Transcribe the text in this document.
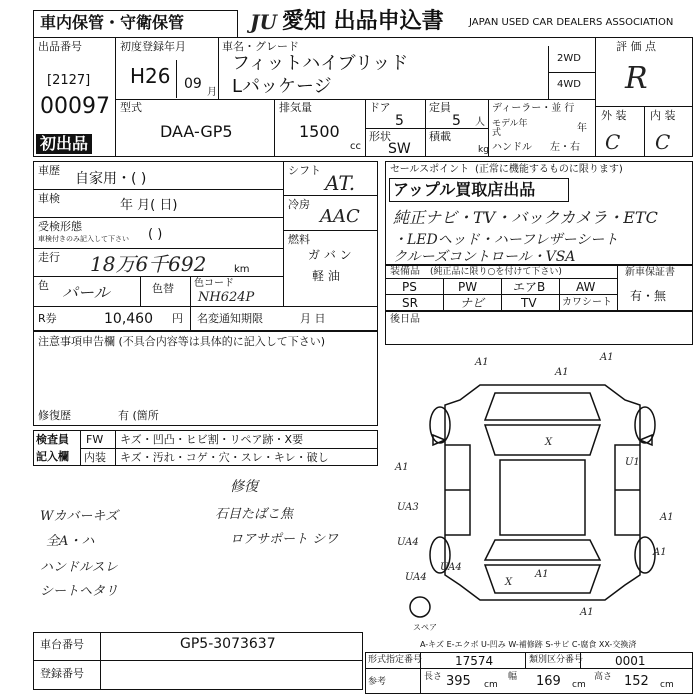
車内保管・守衛保管	JU 愛知 出品申込書	JAPAN USED CAR DEALERS ASSOCIATION
出品番号
[2127]
00097
初出品
初度登録年月
H26 09
月
車名・グレード
フィットハイブリッド
Lパッケージ
2WD
4WD
評 価 点
R
外 装 内 装
C C
型式
DAA-GP5
排気量
1500
cc
ドア
5
定員
5 人
形状
SW
積載
kg
ディーラー・並 行
モデル年式	年
ハンドル 左・右
車歴
自家用・( )
車検	年 月( 日)
受検形態
車検付きのみ記入して下さい ( )
走行 18万6千692	km
色 パール	色替 色コード
NH624P
シフト
AT.
冷房
AAC
燃料
ガ バ ン
軽 油
R券	10,460 円 名変通知期限	月 日
セールスポイント (正常に機能するものに限ります)
アップル買取店出品
純正ナビ・TV・バックカメラ・ETC
・LEDヘッド・ハーフレザーシート
クルーズコントロール・VSA
装備品 (純正品に限り○を付けて下さい)
PS	PW	エアB	AW
SR	ナビ	TV	カワシート
新車保証書
有・無
後日品
注意事項申告欄 (不具合内容等は具体的に記入して下さい)
修復歴	有 (箇所
検査員
記入欄
FW キズ・凹凸・ヒビ割・リペア跡・X要
内装 キズ・汚れ・コゲ・穴・スレ・キレ・破し
修復
Wカバーキズ	石目たばこ焦
全A・ハ	ロアサポート シワ
ハンドルスレ
シートヘタリ
A1	A1
A1
X
U1
A1
UA3
UA4
A1
A1
UA4
UA4
A1
A1
X
スペア
A-キズ E-エクボ U-凹み W-補修跡 S-サビ C-腐食 XX-交換済
車台番号	GP5-3073637
登録番号
形式指定番号	17574	類別区分番号	0001
参考	長さ 395 cm
幅 169 cm
高さ 152 cm
